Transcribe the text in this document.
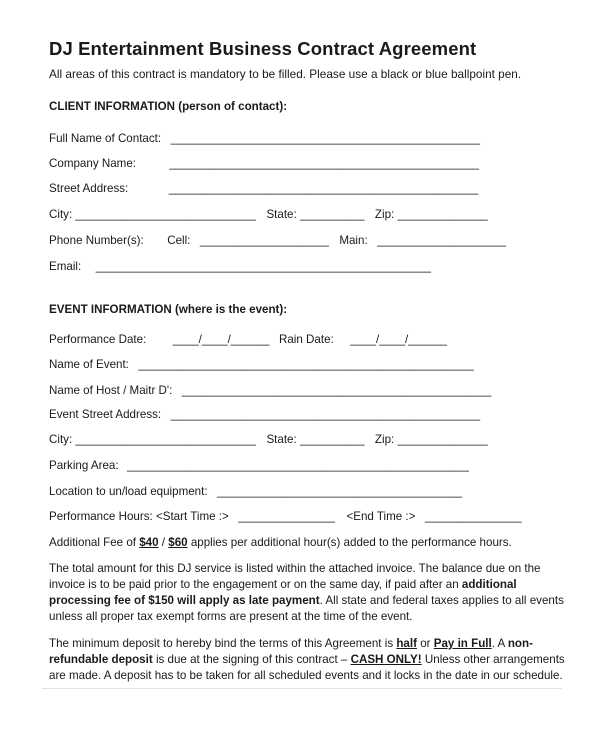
DJ Entertainment Business Contract Agreement
All areas of this contract is mandatory to be filled. Please use a black or blue ballpoint pen.
CLIENT INFORMATION (person of contact):
Full Name of Contact: ________________________________________________
Company Name:	________________________________________________
Street Address:	________________________________________________
City: ____________________________ State: __________ Zip: ______________
Phone Number(s): Cell: ____________________ Main: ____________________
Email: ____________________________________________________
EVENT INFORMATION (where is the event):
Performance Date: ____/____/______ Rain Date: ____/____/______
Name of Event: ____________________________________________________
Name of Host / Maitr D': ________________________________________________
Event Street Address: ________________________________________________
City: ____________________________ State: __________ Zip: ______________
Parking Area: _____________________________________________________
Location to un/load equipment: ______________________________________
Performance Hours: <Start Time :> _______________ <End Time :> _______________
Additional Fee of $40 / $60 applies per additional hour(s) added to the performance hours.
The total amount for this DJ service is listed within the attached invoice. The balance due on the
invoice is to be paid prior to the engagement or on the same day, if paid after an additional
processing fee of $150 will apply as late payment. All state and federal taxes applies to all events
unless all proper tax exempt forms are present at the time of the event.
The minimum deposit to hereby bind the terms of this Agreement is half or Pay in Full. A non-
refundable deposit is due at the signing of this contract – CASH ONLY! Unless other arrangements
are made. A deposit has to be taken for all scheduled events and it locks in the date in our schedule.
